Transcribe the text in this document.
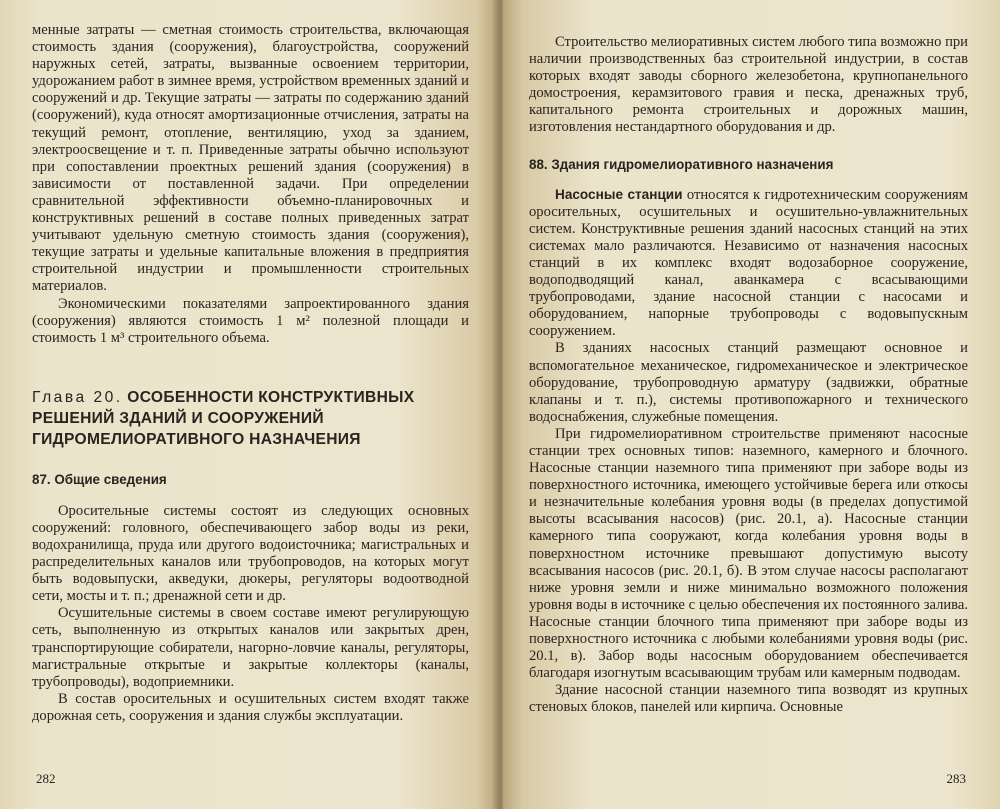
менные затраты — сметная стоимость строительства, включающая стоимость здания (сооружения), благоустройства, сооружений наружных сетей, затраты, вызванные освоением территории, удорожанием работ в зимнее время, устройством временных зданий и сооружений и др. Текущие затраты — затраты по содержанию зданий (сооружений), куда относят амортизационные отчисления, затраты на текущий ремонт, отопление, вентиляцию, уход за зданием, электроосвещение и т. п. Приведенные затраты обычно используют при сопоставлении проектных решений здания (сооружения) в зависимости от поставленной задачи. При определении сравнительной эффективности объемно-планировочных и конструктивных решений в составе полных приведенных затрат учитывают удельную сметную стоимость здания (сооружения), текущие затраты и удельные капитальные вложения в предприятия строительной индустрии и промышленности строительных материалов.

Экономическими показателями запроектированного здания (сооружения) являются стоимость 1 м² полезной площади и стоимость 1 м³ строительного объема.

Глава 20. ОСОБЕННОСТИ КОНСТРУКТИВНЫХ РЕШЕНИЙ ЗДАНИЙ И СООРУЖЕНИЙ ГИДРОМЕЛИОРАТИВНОГО НАЗНАЧЕНИЯ
87. Общие сведения

Оросительные системы состоят из следующих основных сооружений: головного, обеспечивающего забор воды из реки, водохранилища, пруда или другого водоисточника; магистральных и распределительных каналов или трубопроводов, на которых могут быть водовыпуски, акведуки, дюкеры, регуляторы водоотводной сети, мосты и т. п.; дренажной сети и др.

Осушительные системы в своем составе имеют регулирующую сеть, выполненную из открытых каналов или закрытых дрен, транспортирующие собиратели, нагорно-ловчие каналы, регуляторы, магистральные открытые и закрытые коллекторы (каналы, трубопроводы), водоприемники.

В состав оросительных и осушительных систем входят также дорожная сеть, сооружения и здания службы эксплуатации.

282

Строительство мелиоративных систем любого типа возможно при наличии производственных баз строительной индустрии, в состав которых входят заводы сборного железобетона, крупнопанельного домостроения, керамзитового гравия и песка, дренажных труб, капитального ремонта строительных и дорожных машин, изготовления нестандартного оборудования и др.

88. Здания гидромелиоративного назначения

Насосные станции относятся к гидротехническим сооружениям оросительных, осушительных и осушительно-увлажнительных систем. Конструктивные решения зданий насосных станций на этих системах мало различаются. Независимо от назначения насосных станций в их комплекс входят водозаборное сооружение, водоподводящий канал, аванкамера с всасывающими трубопроводами, здание насосной станции с насосами и оборудованием, напорные трубопроводы с водовыпускным сооружением.

В зданиях насосных станций размещают основное и вспомогательное механическое, гидромеханическое и электрическое оборудование, трубопроводную арматуру (задвижки, обратные клапаны и т. п.), системы противопожарного и технического водоснабжения, служебные помещения.

При гидромелиоративном строительстве применяют насосные станции трех основных типов: наземного, камерного и блочного. Насосные станции наземного типа применяют при заборе воды из поверхностного источника, имеющего устойчивые берега или откосы и незначительные колебания уровня воды (в пределах допустимой высоты всасывания насосов) (рис. 20.1, а). Насосные станции камерного типа сооружают, когда колебания уровня воды в поверхностном источнике превышают допустимую высоту всасывания насосов (рис. 20.1, б). В этом случае насосы располагают ниже уровня земли и ниже минимально возможного положения уровня воды в источнике с целью обеспечения их постоянного залива. Насосные станции блочного типа применяют при заборе воды из поверхностного источника с любыми колебаниями уровня воды (рис. 20.1, в). Забор воды насосным оборудованием обеспечивается благодаря изогнутым всасывающим трубам или камерным подводам.

Здание насосной станции наземного типа возводят из крупных стеновых блоков, панелей или кирпича. Основные

283
